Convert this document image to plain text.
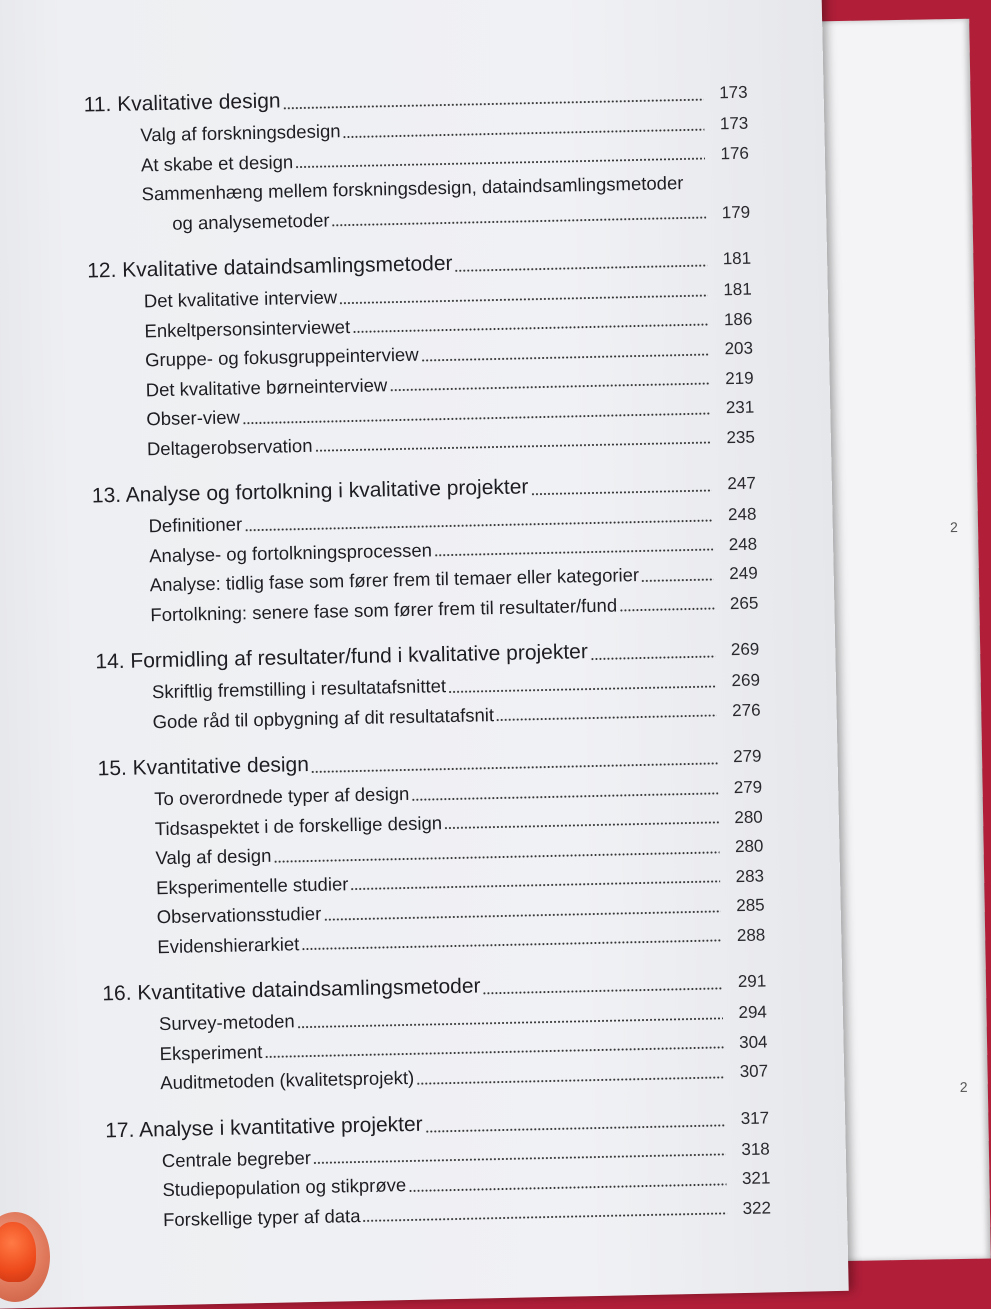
2
2
11. Kvalitative design	173
Valg af forskningsdesign	173
At skabe et design	176
Sammenhæng mellem forskningsdesign, dataindsamlingsmetoder
og analysemetoder	179
12. Kvalitative dataindsamlingsmetoder	181
Det kvalitative interview	181
Enkeltpersonsinterviewet	186
Gruppe- og fokusgruppeinterview	203
Det kvalitative børneinterview	219
Obser-view	231
Deltagerobservation	235
13. Analyse og fortolkning i kvalitative projekter	247
Definitioner	248
Analyse- og fortolkningsprocessen	248
Analyse: tidlig fase som fører frem til temaer eller kategorier	249
Fortolkning: senere fase som fører frem til resultater/fund	265
14. Formidling af resultater/fund i kvalitative projekter	269
Skriftlig fremstilling i resultatafsnittet	269
Gode råd til opbygning af dit resultatafsnit	276
15. Kvantitative design	279
To overordnede typer af design	279
Tidsaspektet i de forskellige design	280
Valg af design	280
Eksperimentelle studier	283
Observationsstudier	285
Evidenshierarkiet	288
16. Kvantitative dataindsamlingsmetoder	291
Survey-metoden	294
Eksperiment	304
Auditmetoden (kvalitetsprojekt)	307
17. Analyse i kvantitative projekter	317
Centrale begreber	318
Studiepopulation og stikprøve	321
Forskellige typer af data	322
